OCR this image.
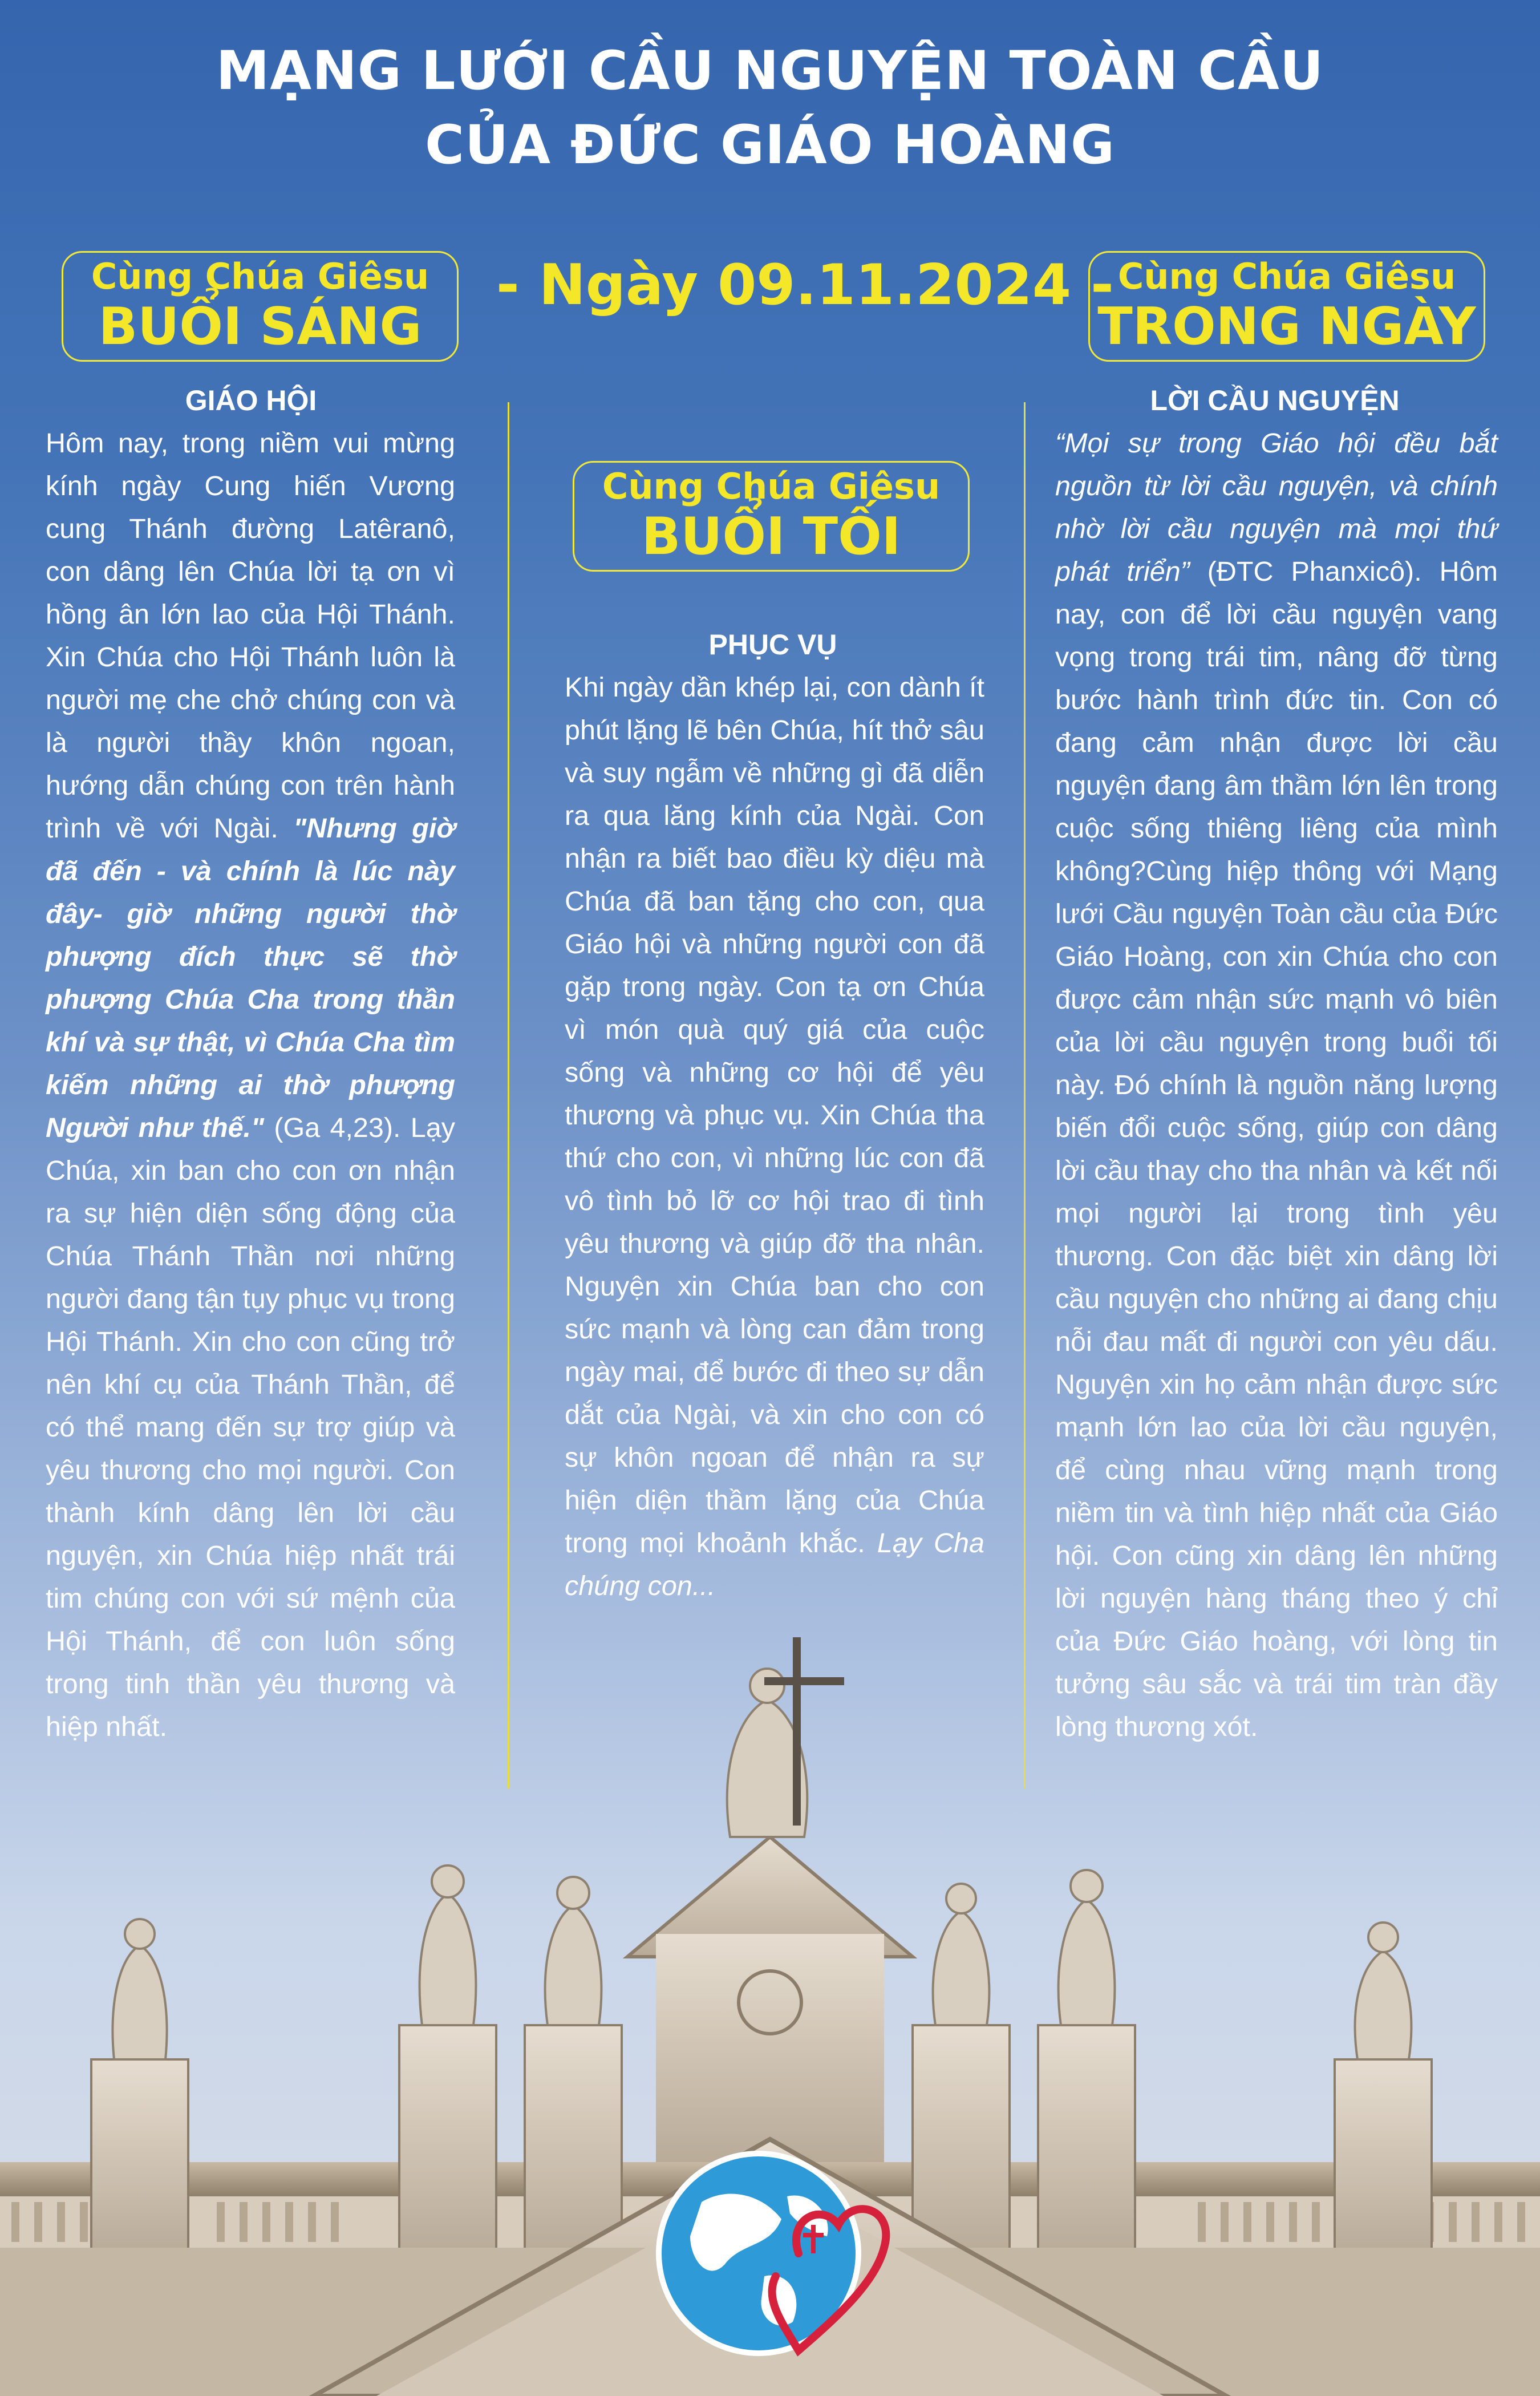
MẠNG LƯỚI CẦU NGUYỆN TOÀN CẦU
CỦA ĐỨC GIÁO HOÀNG
Cùng Chúa Giêsu
BUỔI SÁNG
- Ngày 09.11.2024 - Cùng Chúa Giêsu
TRONG NGÀY
Cùng Chúa Giêsu
BUỔI TỐI
GIÁO HỘI
Hôm nay, trong niềm vui mừng kính ngày Cung hiến Vương cung Thánh đường Latêranô, con dâng lên Chúa lời tạ ơn vì hồng ân lớn lao của Hội Thánh. Xin Chúa cho Hội Thánh luôn là người mẹ che chở chúng con và là người thầy khôn ngoan, hướng dẫn chúng con trên hành trình về với Ngài. "Nhưng giờ đã đến - và chính là lúc này đây- giờ những người thờ phượng đích thực sẽ thờ phượng Chúa Cha trong thần khí và sự thật, vì Chúa Cha tìm kiếm những ai thờ phượng Người như thế." (Ga 4,23). Lạy Chúa, xin ban cho con ơn nhận ra sự hiện diện sống động của Chúa Thánh Thần nơi những người đang tận tụy phục vụ trong Hội Thánh. Xin cho con cũng trở nên khí cụ của Thánh Thần, để có thể mang đến sự trợ giúp và yêu thương cho mọi người. Con thành kính dâng lên lời cầu nguyện, xin Chúa hiệp nhất trái tim chúng con với sứ mệnh của Hội Thánh, để con luôn sống trong tinh thần yêu thương và hiệp nhất.
PHỤC VỤ
Khi ngày dần khép lại, con dành ít phút lặng lẽ bên Chúa, hít thở sâu và suy ngẫm về những gì đã diễn ra qua lăng kính của Ngài. Con nhận ra biết bao điều kỳ diệu mà Chúa đã ban tặng cho con, qua Giáo hội và những người con đã gặp trong ngày. Con tạ ơn Chúa vì món quà quý giá của cuộc sống và những cơ hội để yêu thương và phục vụ. Xin Chúa tha thứ cho con, vì những lúc con đã vô tình bỏ lỡ cơ hội trao đi tình yêu thương và giúp đỡ tha nhân. Nguyện xin Chúa ban cho con sức mạnh và lòng can đảm trong ngày mai, để bước đi theo sự dẫn dắt của Ngài, và xin cho con có sự khôn ngoan để nhận ra sự hiện diện thầm lặng của Chúa trong mọi khoảnh khắc. Lạy Cha chúng con...
LỜI CẦU NGUYỆN
“Mọi sự trong Giáo hội đều bắt nguồn từ lời cầu nguyện, và chính nhờ lời cầu nguyện mà mọi thứ phát triển” (ĐTC Phanxicô). Hôm nay, con để lời cầu nguyện vang vọng trong trái tim, nâng đỡ từng bước hành trình đức tin. Con có đang cảm nhận được lời cầu nguyện đang âm thầm lớn lên trong cuộc sống thiêng liêng của mình không?Cùng hiệp thông với Mạng lưới Cầu nguyện Toàn cầu của Đức Giáo Hoàng, con xin Chúa cho con được cảm nhận sức mạnh vô biên của lời cầu nguyện trong buổi tối này. Đó chính là nguồn năng lượng biến đổi cuộc sống, giúp con dâng lời cầu thay cho tha nhân và kết nối mọi người lại trong tình yêu thương. Con đặc biệt xin dâng lời cầu nguyện cho những ai đang chịu nỗi đau mất đi người con yêu dấu. Nguyện xin họ cảm nhận được sức mạnh lớn lao của lời cầu nguyện, để cùng nhau vững mạnh trong niềm tin và tình hiệp nhất của Giáo hội. Con cũng xin dâng lên những lời nguyện hàng tháng theo ý chỉ của Đức Giáo hoàng, với lòng tin tưởng sâu sắc và trái tim tràn đầy lòng thương xót.
